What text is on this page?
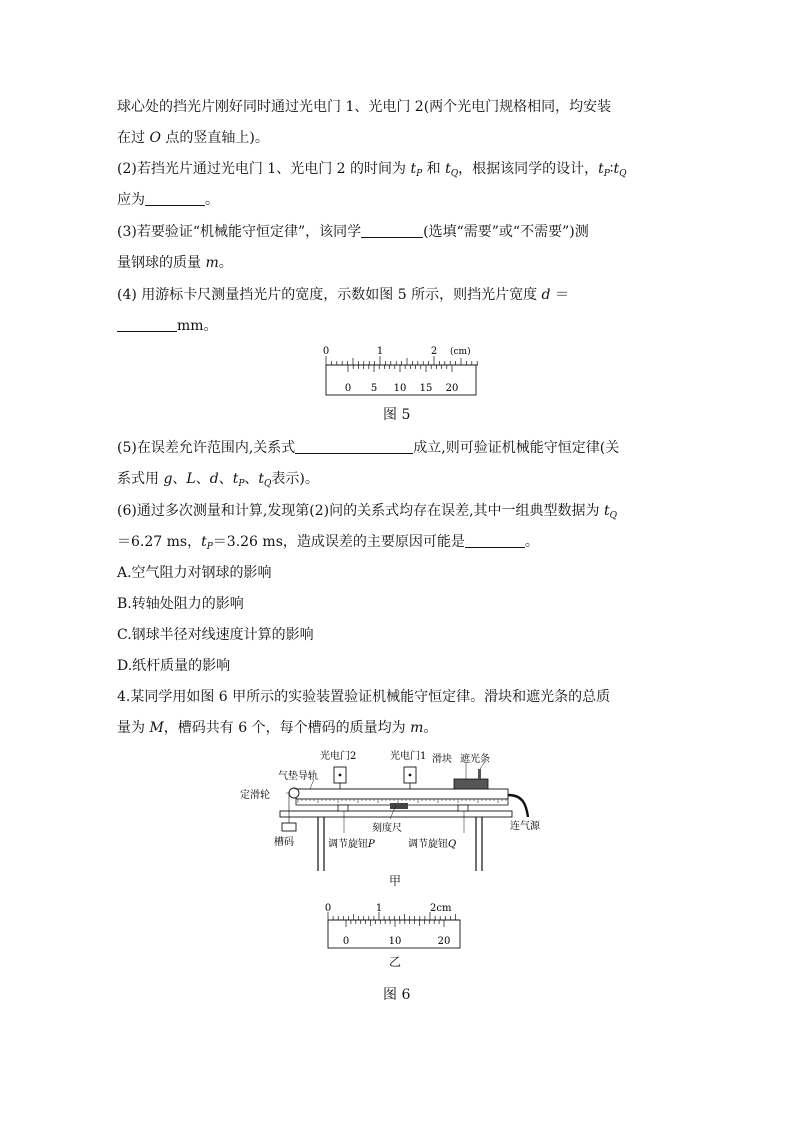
球心处的挡光片刚好同时通过光电门 1、光电门 2(两个光电门规格相同，均安装
在过 O 点的竖直轴上)。
(2)若挡光片通过光电门 1、光电门 2 的时间为 $t_P$ 和 $t_Q$，根据该同学的设计，$t_P∶t_Q$
应为	。
(3)若要验证“机械能守恒定律”，该同学	(选填“需要”或“不需要”)测
量钢球的质量 m。
(4) 用游标卡尺测量挡光片的宽度，示数如图 5 所示，则挡光片宽度 d ＝
mm。
0	1	2 (cm)
0 5 10 15 20
图 5
(5)在误差允许范围内,关系式	成立,则可验证机械能守恒定律(关
系式用 g、L、d、$t_P$、$t_Q$表示)。
(6)通过多次测量和计算,发现第(2)问的关系式均存在误差,其中一组典型数据为 $t_Q$
＝6.27 ms，$t_P=3.26$ ms，造成误差的主要原因可能是	。
A.空气阻力对钢球的影响
B.转轴处阻力的影响
C.钢球半径对线速度计算的影响
D.纸杆质量的影响
4.某同学用如图 6 甲所示的实验装置验证机械能守恒定律。滑块和遮光条的总质
量为 M，槽码共有 6 个，每个槽码的质量均为 m。
光电门2	光电门1 滑块 遮光条
气垫导轨
定滑轮
槽码
刻度尺
调节旋钮P	调节旋钮Q
连气源
甲
0	1	2cm
0	10	20
乙
图 6
